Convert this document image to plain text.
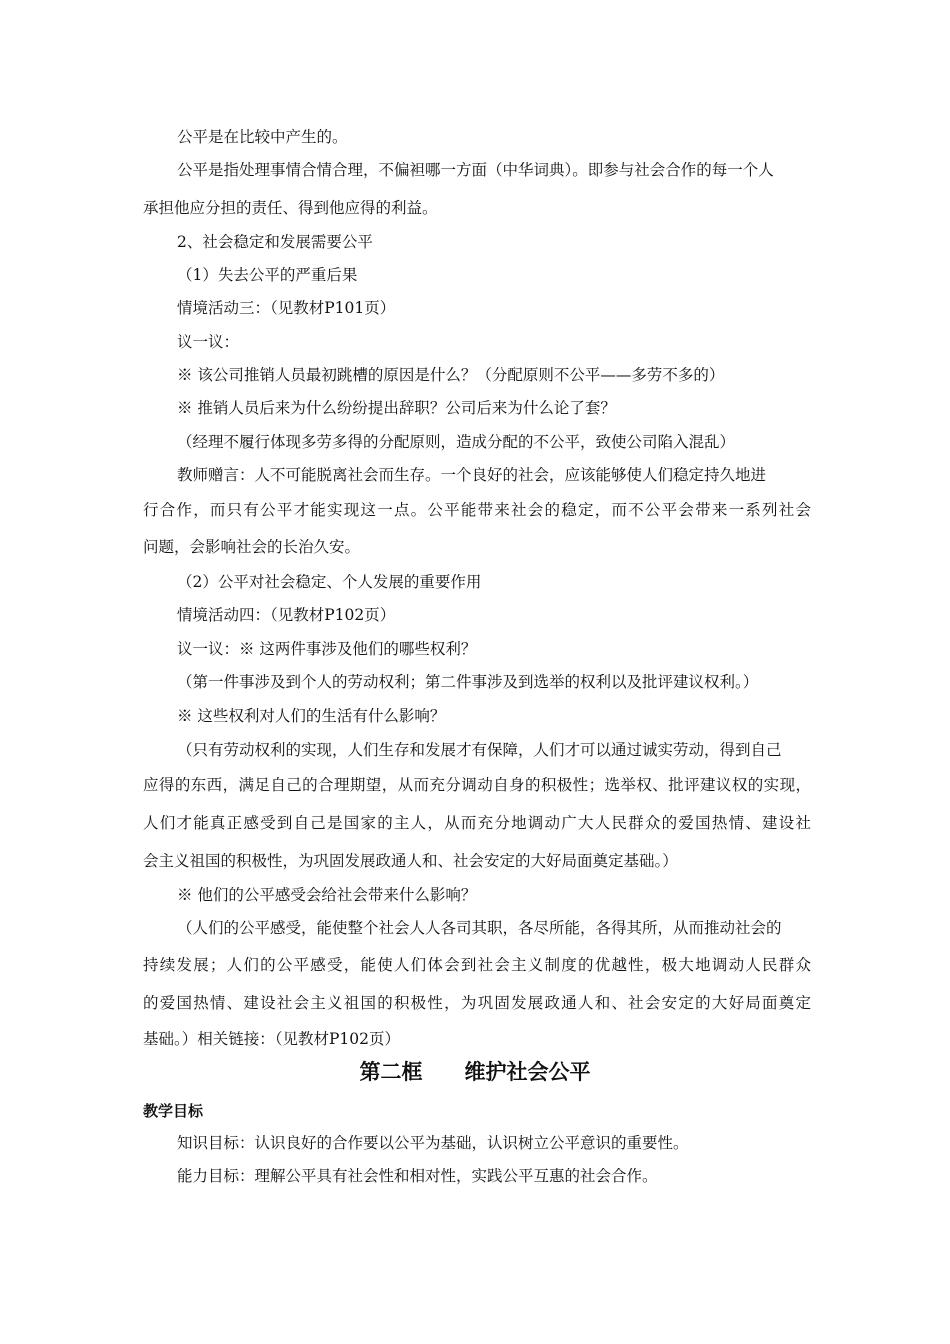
公平是在比较中产生的。
公平是指处理事情合情合理，不偏袒哪一方面（中华词典）。即参与社会合作的每一个人
承担他应分担的责任、得到他应得的利益。
2、社会稳定和发展需要公平
（1）失去公平的严重后果
情境活动三：（见教材P101页）
议一议：
※ 该公司推销人员最初跳槽的原因是什么？（分配原则不公平——多劳不多的）
※ 推销人员后来为什么纷纷提出辞职？公司后来为什么论了套？
（经理不履行体现多劳多得的分配原则，造成分配的不公平，致使公司陷入混乱）
教师赠言：人不可能脱离社会而生存。一个良好的社会，应该能够使人们稳定持久地进
行合作，而只有公平才能实现这一点。公平能带来社会的稳定，而不公平会带来一系列社会
问题，会影响社会的长治久安。
（2）公平对社会稳定、个人发展的重要作用
情境活动四：（见教材P102页）
议一议：※ 这两件事涉及他们的哪些权利？
（第一件事涉及到个人的劳动权利；第二件事涉及到选举的权利以及批评建议权利。）
※ 这些权利对人们的生活有什么影响？
（只有劳动权利的实现，人们生存和发展才有保障，人们才可以通过诚实劳动，得到自己
应得的东西，满足自己的合理期望，从而充分调动自身的积极性；选举权、批评建议权的实现，
人们才能真正感受到自己是国家的主人，从而充分地调动广大人民群众的爱国热情、建设社
会主义祖国的积极性，为巩固发展政通人和、社会安定的大好局面奠定基础。）
※ 他们的公平感受会给社会带来什么影响？
（人们的公平感受，能使整个社会人人各司其职，各尽所能，各得其所，从而推动社会的
持续发展；人们的公平感受，能使人们体会到社会主义制度的优越性，极大地调动人民群众
的爱国热情、建设社会主义祖国的积极性，为巩固发展政通人和、社会安定的大好局面奠定
基础。）相关链接：（见教材P102页）
第二框　　维护社会公平
教学目标
知识目标：认识良好的合作要以公平为基础，认识树立公平意识的重要性。
能力目标：理解公平具有社会性和相对性，实践公平互惠的社会合作。
